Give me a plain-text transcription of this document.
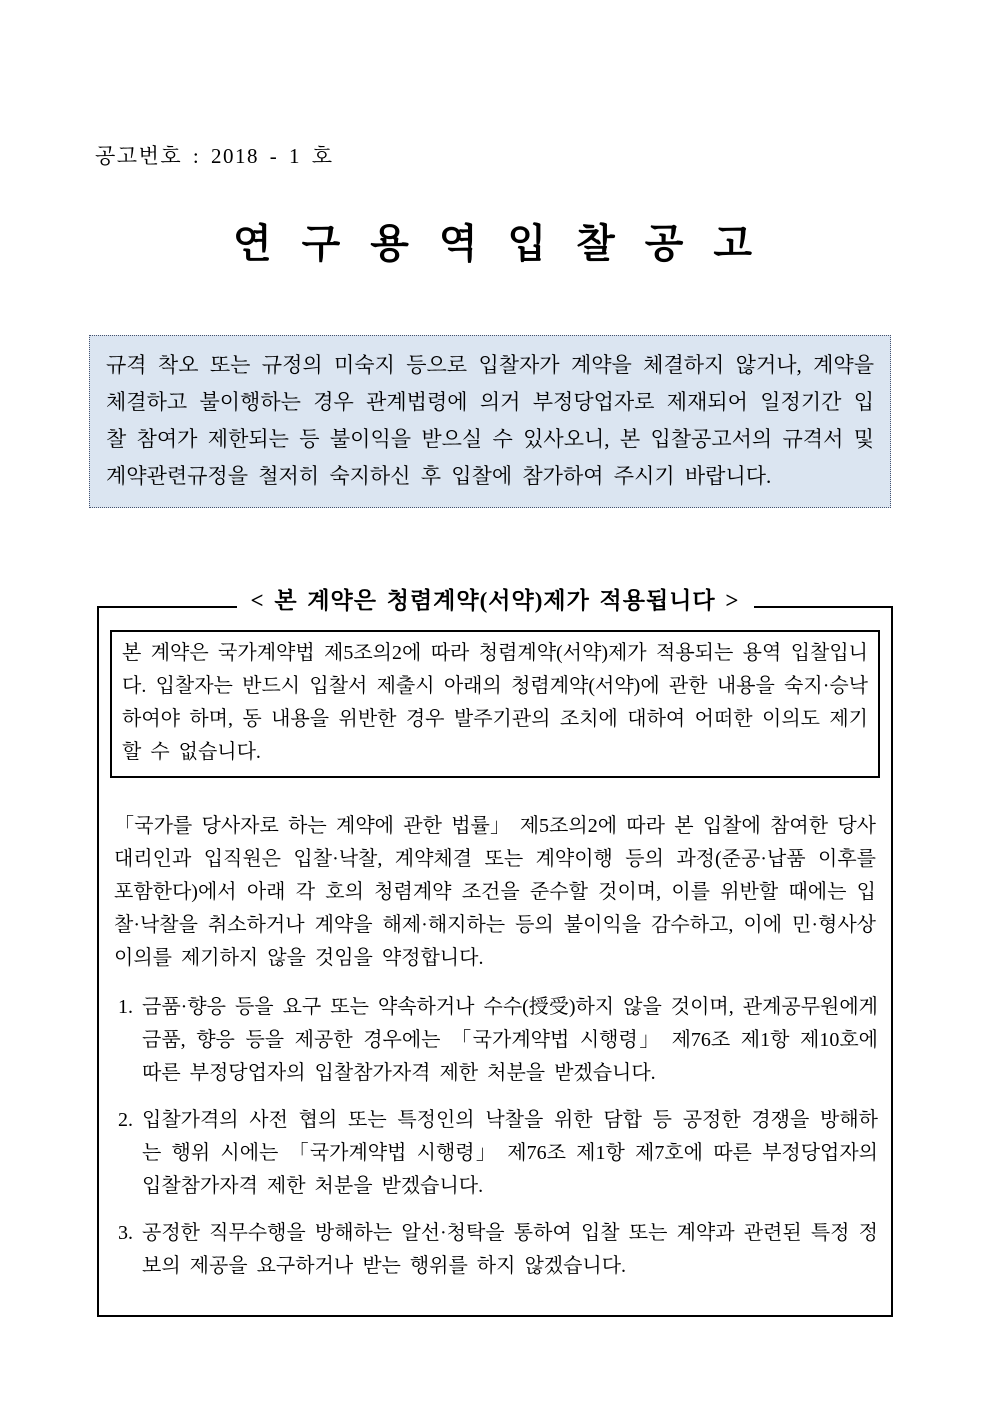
공고번호 : 2018 - 1 호
연 구 용 역 입 찰 공 고

규격 착오 또는 규정의 미숙지 등으로 입찰자가 계약을 체결하지 않거나, 계약을 체결하고 불이행하는 경우 관계법령에 의거 부정당업자로 제재되어 일정기간 입찰 참여가 제한되는 등 불이익을 받으실 수 있사오니, 본 입찰공고서의 규격서 및 계약관련규정을 철저히 숙지하신 후 입찰에 참가하여 주시기 바랍니다.

< 본 계약은 청렴계약(서약)제가 적용됩니다 >

본 계약은 국가계약법 제5조의2에 따라 청렴계약(서약)제가 적용되는 용역 입찰입니다. 입찰자는 반드시 입찰서 제출시 아래의 청렴계약(서약)에 관한 내용을 숙지·승낙하여야 하며, 동 내용을 위반한 경우 발주기관의 조치에 대하여 어떠한 이의도 제기할 수 없습니다.

「국가를 당사자로 하는 계약에 관한 법률」 제5조의2에 따라 본 입찰에 참여한 당사 대리인과 입직원은 입찰·낙찰, 계약체결 또는 계약이행 등의 과정(준공·납품 이후를 포함한다)에서 아래 각 호의 청렴계약 조건을 준수할 것이며, 이를 위반할 때에는 입찰·낙찰을 취소하거나 계약을 해제·해지하는 등의 불이익을 감수하고, 이에 민·형사상 이의를 제기하지 않을 것임을 약정합니다.

1. 금품·향응 등을 요구 또는 약속하거나 수수(授受)하지 않을 것이며, 관계공무원에게 금품, 향응 등을 제공한 경우에는 「국가계약법 시행령」 제76조 제1항 제10호에 따른 부정당업자의 입찰참가자격 제한 처분을 받겠습니다.
2. 입찰가격의 사전 협의 또는 특정인의 낙찰을 위한 담합 등 공정한 경쟁을 방해하는 행위 시에는 「국가계약법 시행령」 제76조 제1항 제7호에 따른 부정당업자의 입찰참가자격 제한 처분을 받겠습니다.
3. 공정한 직무수행을 방해하는 알선·청탁을 통하여 입찰 또는 계약과 관련된 특정 정보의 제공을 요구하거나 받는 행위를 하지 않겠습니다.
